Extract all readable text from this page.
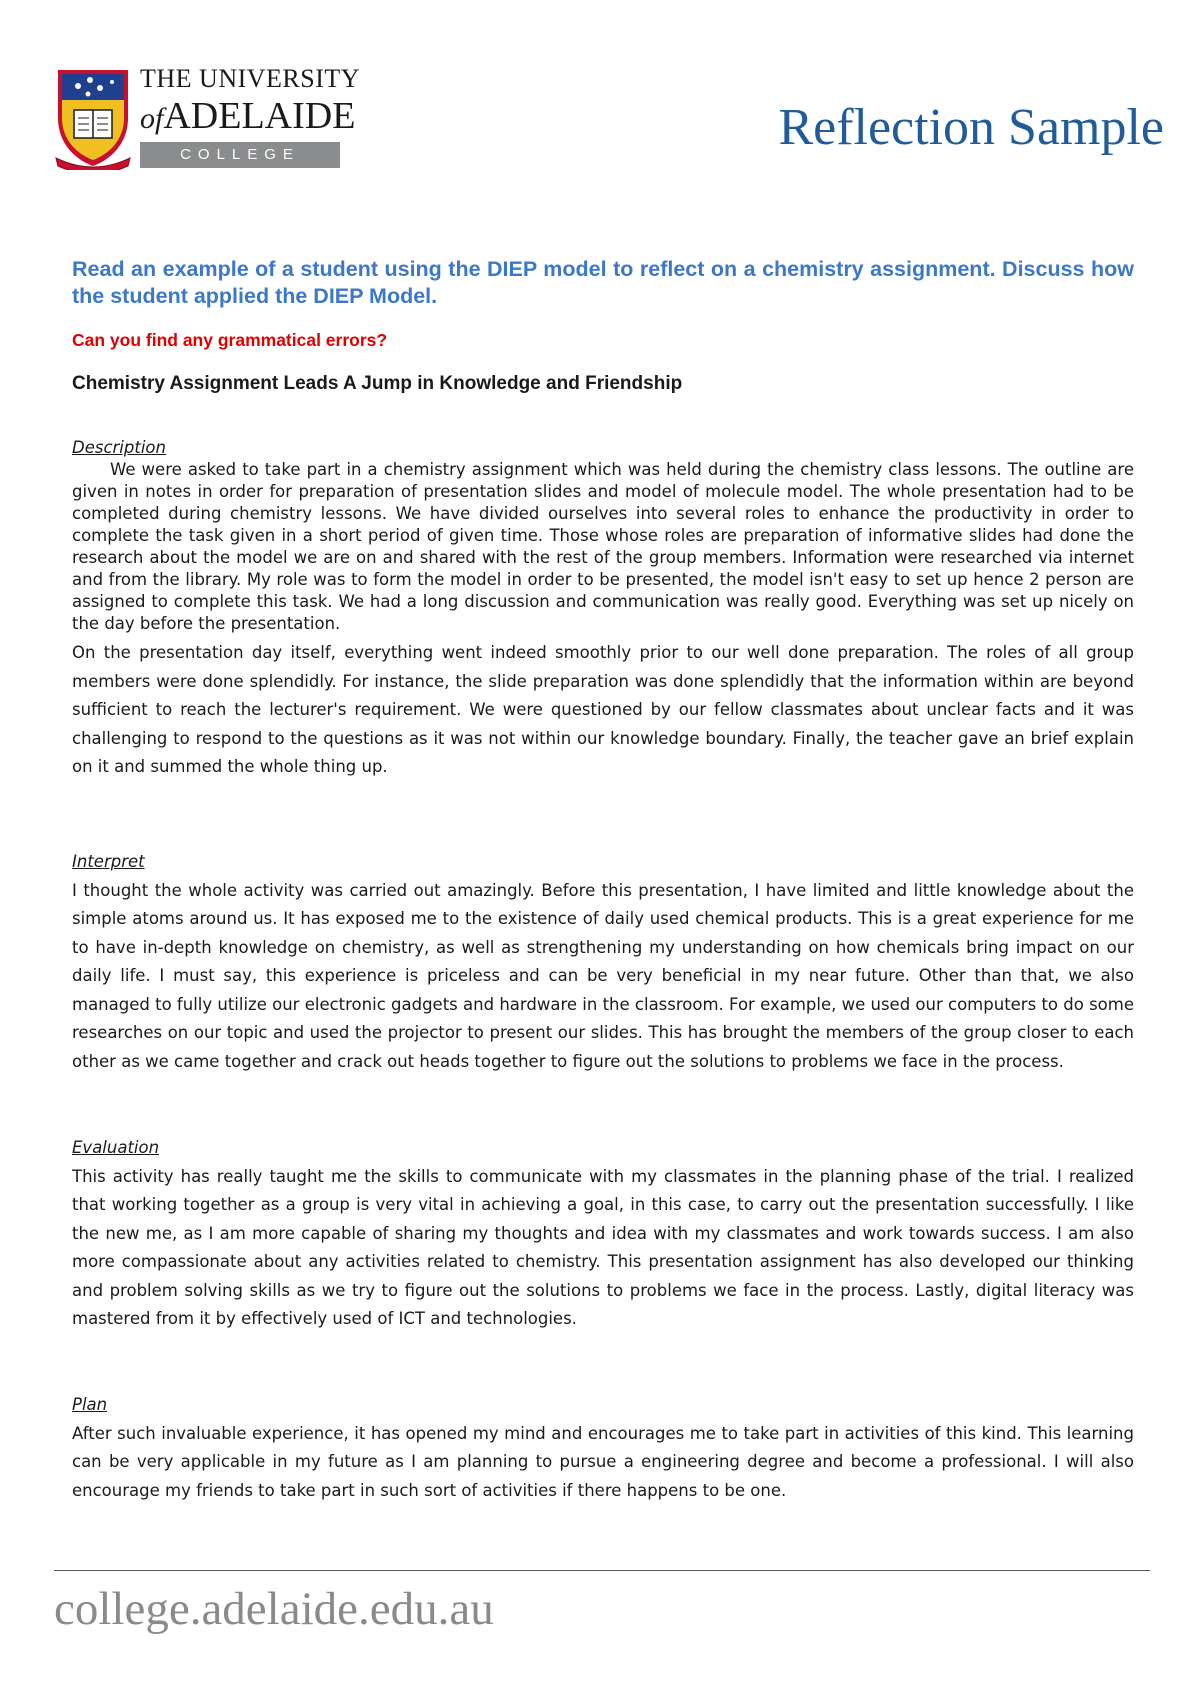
THE UNIVERSITY
ofADELAIDE
COLLEGE	Reflection Sample

Read an example of a student using the DIEP model to reflect on a chemistry assignment. Discuss how the student applied the DIEP Model.

Can you find any grammatical errors?

Chemistry Assignment Leads A Jump in Knowledge and Friendship

Description

We were asked to take part in a chemistry assignment which was held during the chemistry class lessons. The outline are given in notes in order for preparation of presentation slides and model of molecule model. The whole presentation had to be completed during chemistry lessons. We have divided ourselves into several roles to enhance the productivity in order to complete the task given in a short period of given time. Those whose roles are preparation of informative slides had done the research about the model we are on and shared with the rest of the group members. Information were researched via internet and from the library. My role was to form the model in order to be presented, the model isn't easy to set up hence 2 person are assigned to complete this task. We had a long discussion and communication was really good. Everything was set up nicely on the day before the presentation.

On the presentation day itself, everything went indeed smoothly prior to our well done preparation. The roles of all group members were done splendidly. For instance, the slide preparation was done splendidly that the information within are beyond sufficient to reach the lecturer's requirement. We were questioned by our fellow classmates about unclear facts and it was challenging to respond to the questions as it was not within our knowledge boundary. Finally, the teacher gave an brief explain on it and summed the whole thing up.

Interpret

I thought the whole activity was carried out amazingly. Before this presentation, I have limited and little knowledge about the simple atoms around us. It has exposed me to the existence of daily used chemical products. This is a great experience for me to have in-depth knowledge on chemistry, as well as strengthening my understanding on how chemicals bring impact on our daily life. I must say, this experience is priceless and can be very beneficial in my near future. Other than that, we also managed to fully utilize our electronic gadgets and hardware in the classroom. For example, we used our computers to do some researches on our topic and used the projector to present our slides. This has brought the members of the group closer to each other as we came together and crack out heads together to figure out the solutions to problems we face in the process.

Evaluation

This activity has really taught me the skills to communicate with my classmates in the planning phase of the trial. I realized that working together as a group is very vital in achieving a goal, in this case, to carry out the presentation successfully. I like the new me, as I am more capable of sharing my thoughts and idea with my classmates and work towards success. I am also more compassionate about any activities related to chemistry. This presentation assignment has also developed our thinking and problem solving skills as we try to figure out the solutions to problems we face in the process. Lastly, digital literacy was mastered from it by effectively used of ICT and technologies.

Plan

After such invaluable experience, it has opened my mind and encourages me to take part in activities of this kind. This learning can be very applicable in my future as I am planning to pursue a engineering degree and become a professional. I will also encourage my friends to take part in such sort of activities if there happens to be one.

college.adelaide.edu.au
